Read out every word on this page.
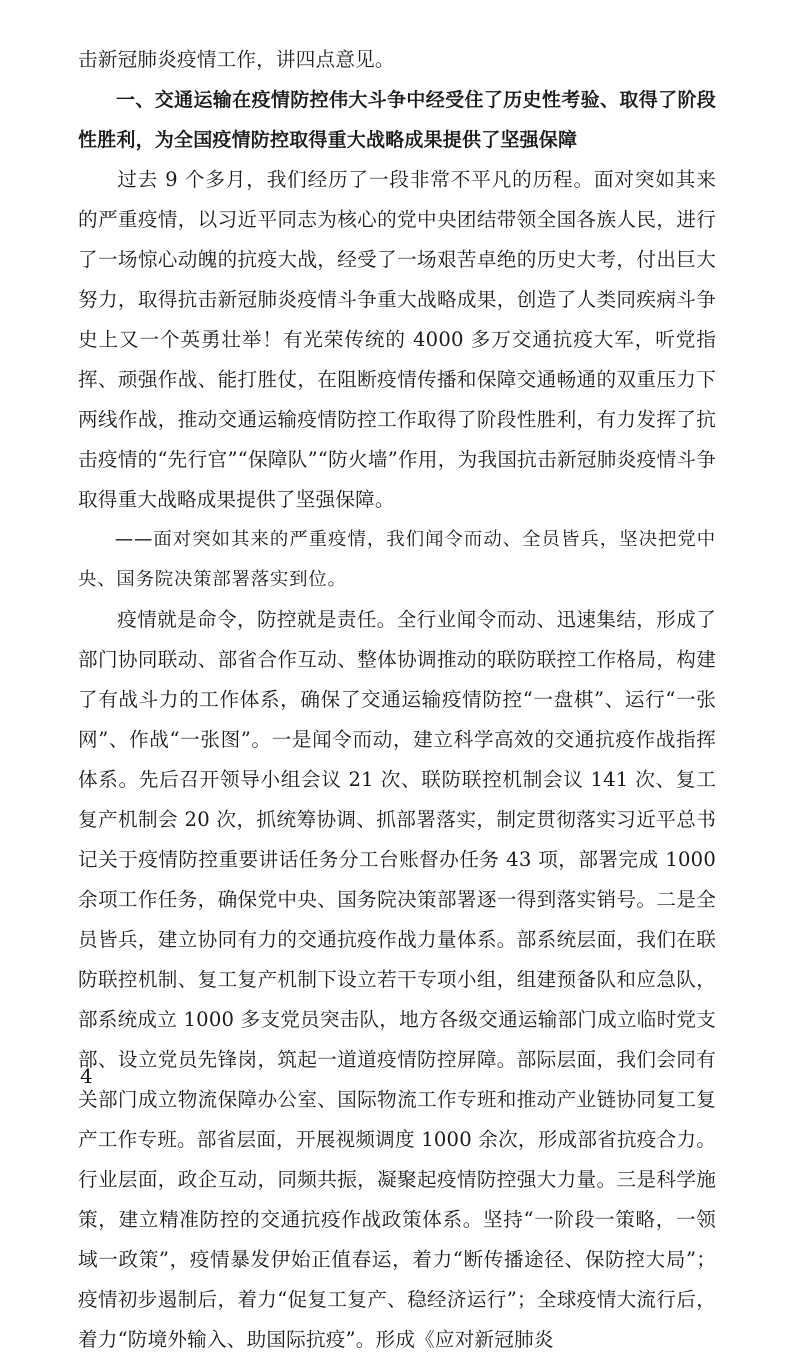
击新冠肺炎疫情工作，讲四点意见。

一、交通运输在疫情防控伟大斗争中经受住了历史性考验、取得了阶段性胜利，为全国疫情防控取得重大战略成果提供了坚强保障

过去 9 个多月，我们经历了一段非常不平凡的历程。面对突如其来的严重疫情，以习近平同志为核心的党中央团结带领全国各族人民，进行了一场惊心动魄的抗疫大战，经受了一场艰苦卓绝的历史大考，付出巨大努力，取得抗击新冠肺炎疫情斗争重大战略成果，创造了人类同疾病斗争史上又一个英勇壮举！有光荣传统的 4000 多万交通抗疫大军，听党指挥、顽强作战、能打胜仗，在阻断疫情传播和保障交通畅通的双重压力下两线作战，推动交通运输疫情防控工作取得了阶段性胜利，有力发挥了抗击疫情的“先行官”“保障队”“防火墙”作用，为我国抗击新冠肺炎疫情斗争取得重大战略成果提供了坚强保障。

——面对突如其来的严重疫情，我们闻令而动、全员皆兵，坚决把党中央、国务院决策部署落实到位。

疫情就是命令，防控就是责任。全行业闻令而动、迅速集结，形成了部门协同联动、部省合作互动、整体协调推动的联防联控工作格局，构建了有战斗力的工作体系，确保了交通运输疫情防控“一盘棋”、运行“一张网”、作战“一张图”。一是闻令而动，建立科学高效的交通抗疫作战指挥体系。先后召开领导小组会议 21 次、联防联控机制会议 141 次、复工复产机制会 20 次，抓统筹协调、抓部署落实，制定贯彻落实习近平总书记关于疫情防控重要讲话任务分工台账督办任务 43 项，部署完成 1000 余项工作任务，确保党中央、国务院决策部署逐一得到落实销号。二是全员皆兵，建立协同有力的交通抗疫作战力量体系。部系统层面，我们在联防联控机制、复工复产机制下设立若干专项小组，组建预备队和应急队，部系统成立 1000 多支党员突击队，地方各级交通运输部门成立临时党支部、设立党员先锋岗，筑起一道道疫情防控屏障。部际层面，我们会同有关部门成立物流保障办公室、国际物流工作专班和推动产业链协同复工复产工作专班。部省层面，开展视频调度 1000 余次，形成部省抗疫合力。行业层面，政企互动，同频共振，凝聚起疫情防控强大力量。三是科学施策，建立精准防控的交通抗疫作战政策体系。坚持“一阶段一策略，一领域一政策”，疫情暴发伊始正值春运，着力“断传播途径、保防控大局”；疫情初步遏制后，着力“促复工复产、稳经济运行”；全球疫情大流行后，着力“防境外输入、助国际抗疫”。形成《应对新冠肺炎

4
